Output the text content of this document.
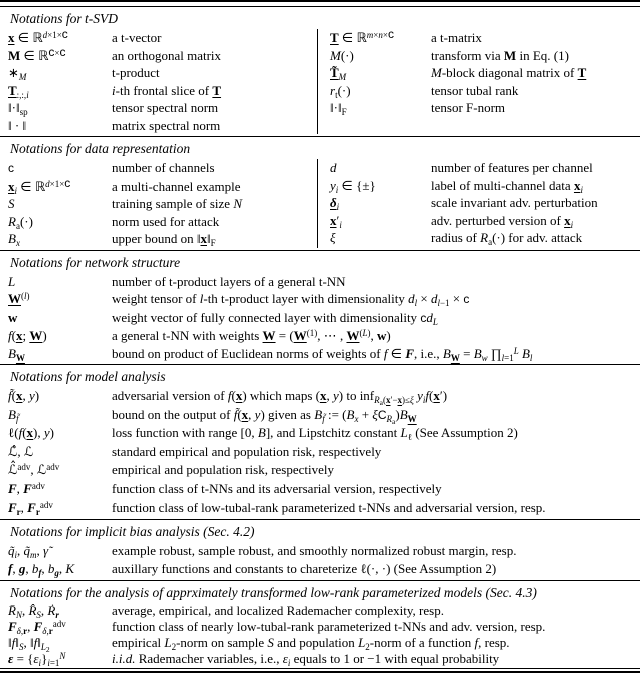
Notations for t-SVD
x ∈ ℝ$^{d\times 1\times c}$	a t-vector
M ∈ ℝ$^{c\times c}$	an orthogonal matrix
$∗_M$	t-product
$T_{:,:,i}$	i-th frontal slice of T
$‖\cdot‖_{sp}$	tensor spectral norm
‖ · ‖	matrix spectral norm
T ∈ ℝ$^{m\times n\times c}$	a t-matrix
M(·)	transform via M in Eq. (1)
$T̃_M$	M-block diagonal matrix of T
$r_t(\cdot)$	tensor tubal rank
$‖\cdot‖_F$	tensor F-norm
Notations for data representation
c	number of channels
$x_i$ ∈ ℝ$^{d\times 1\times c}$	a multi-channel example
S	training sample of size N
$R_a(\cdot)$	norm used for attack
$B_x$	upper bound on $‖x‖_F$
d	number of features per channel
$y_i$ ∈ {±}	label of multi-channel data $x_i$
$\delta_i$	scale invariant adv. perturbation
$x'_i$	adv. perturbed version of $x_i$
ξ	radius of $R_a(\cdot)$ for adv. attack
Notations for network structure
L	number of t-product layers of a general t-NN
$W^{(l)}$	weight tensor of l-th t-product layer with dimensionality $d_l \times d_{l-1} \times c$
w	weight vector of fully connected layer with dimensionality $cd_L$
f(x; W)	a general t-NN with weights $W = (W^{(1)}$, ⋯ , $W^{(L)}$, w)
$B_W$	bound on product of Euclidean norms of weights of f ∈ F, i.e., $B_W = B_w$ $\prod_{l=1}^L$ $B_l$
Notations for model analysis
f̃(x, y)	adversarial version of f(x) which maps (x, y) to inf$_{R_a(x'-x)\le\xi}$ $y_if(x')$
$B_{f̃}$	bound on the output of f̃(x, y) given as $B_{f̃}$ := $(B_x + \xi C_{R_a})B_W$
ℓ(f(x), y)	loss function with range [0, B], and Lipstchitz constant $L_\ell$ (See Assumption 2)
ℒ̂, ℒ	standard empirical and population risk, respectively
ℒ̂$^{adv}$, ℒ$^{adv}$	empirical and population risk, respectively
F, $F^{adv}$	function class of t-NNs and its adversarial version, respectively
$F_r$, $F_r^{adv}$	function class of low-tubal-rank parameterized t-NNs and adversarial version, resp.
Notations for implicit bias analysis (Sec. 4.2)
$q̃_i$, $q̃_m$, γ̃	example robust, sample robust, and smoothly normalized robust margin, resp.
f, g, $b_f$, $b_g$, K	auxillary functions and constants to chareterize ℓ(·, ·) (See Assumption 2)
Notations for the analysis of apprximately transformed low-rank parameterized models (Sec. 4.3)
$R̄_N$, $R̂_S$, Ṙ$_r$	average, empirical, and localized Rademacher complexity, resp.
$F_{\delta,r}$, $F_{\delta,r}^{adv}$	function class of nearly low-tubal-rank parameterized t-NNs and adv. version, resp.
$‖f‖_S$, $‖f‖_{L_2}$	empirical $L_2$-norm on sample S and population $L_2$-norm of a function f, resp.
$\varepsilon = \{\varepsilon_i\}_{i=1}^N$	i.i.d. Rademacher variables, i.e., $\varepsilon_i$ equals to 1 or −1 with equal probability
